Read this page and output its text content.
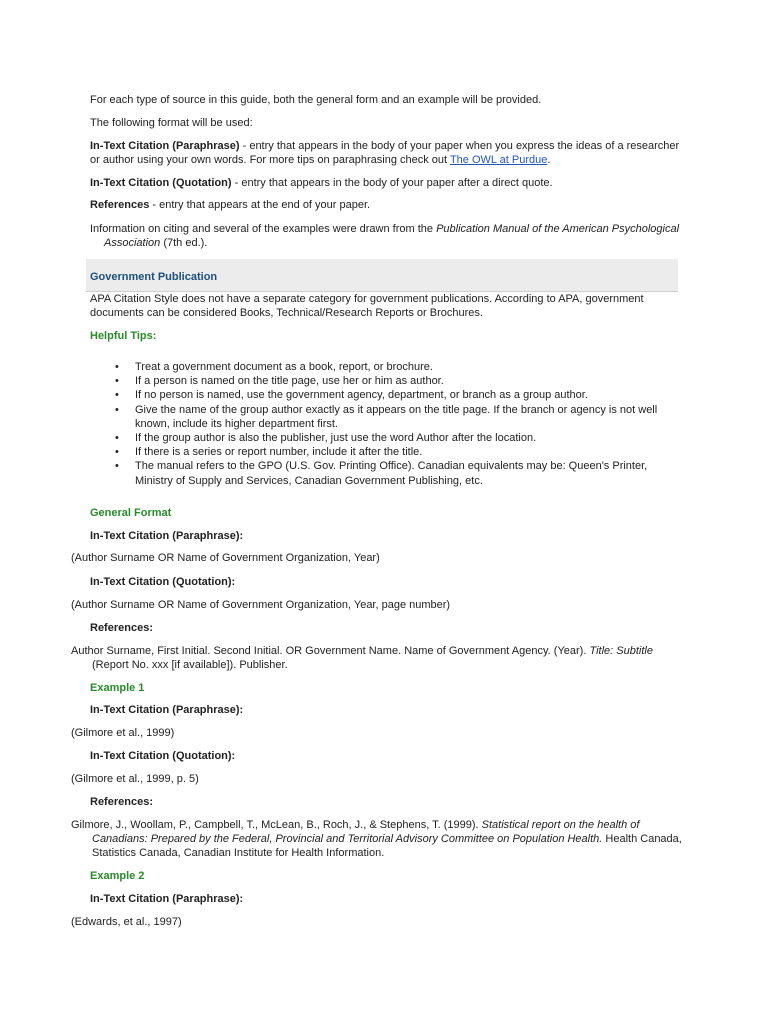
For each type of source in this guide, both the general form and an example will be provided.

The following format will be used:

In-Text Citation (Paraphrase) - entry that appears in the body of your paper when you express the ideas of a researcher or author using your own words. For more tips on paraphrasing check out The OWL at Purdue.

In-Text Citation (Quotation) - entry that appears in the body of your paper after a direct quote.

References - entry that appears at the end of your paper.

Information on citing and several of the examples were drawn from the Publication Manual of the American Psychological Association (7th ed.).

Government Publication

APA Citation Style does not have a separate category for government publications. According to APA, government documents can be considered Books, Technical/Research Reports or Brochures.

Helpful Tips:

• Treat a government document as a book, report, or brochure.
• If a person is named on the title page, use her or him as author.
• If no person is named, use the government agency, department, or branch as a group author.
• Give the name of the group author exactly as it appears on the title page. If the branch or agency is not well known, include its higher department first.
• If the group author is also the publisher, just use the word Author after the location.
• If there is a series or report number, include it after the title.
• The manual refers to the GPO (U.S. Gov. Printing Office). Canadian equivalents may be: Queen's Printer, Ministry of Supply and Services, Canadian Government Publishing, etc.

General Format

In-Text Citation (Paraphrase):

(Author Surname OR Name of Government Organization, Year)

In-Text Citation (Quotation):

(Author Surname OR Name of Government Organization, Year, page number)

References:

Author Surname, First Initial. Second Initial. OR Government Name. Name of Government Agency. (Year). Title: Subtitle (Report No. xxx [if available]). Publisher.

Example 1

In-Text Citation (Paraphrase):

(Gilmore et al., 1999)

In-Text Citation (Quotation):

(Gilmore et al., 1999, p. 5)

References:

Gilmore, J., Woollam, P., Campbell, T., McLean, B., Roch, J., & Stephens, T. (1999). Statistical report on the health of Canadians: Prepared by the Federal, Provincial and Territorial Advisory Committee on Population Health. Health Canada, Statistics Canada, Canadian Institute for Health Information.

Example 2

In-Text Citation (Paraphrase):

(Edwards, et al., 1997)
